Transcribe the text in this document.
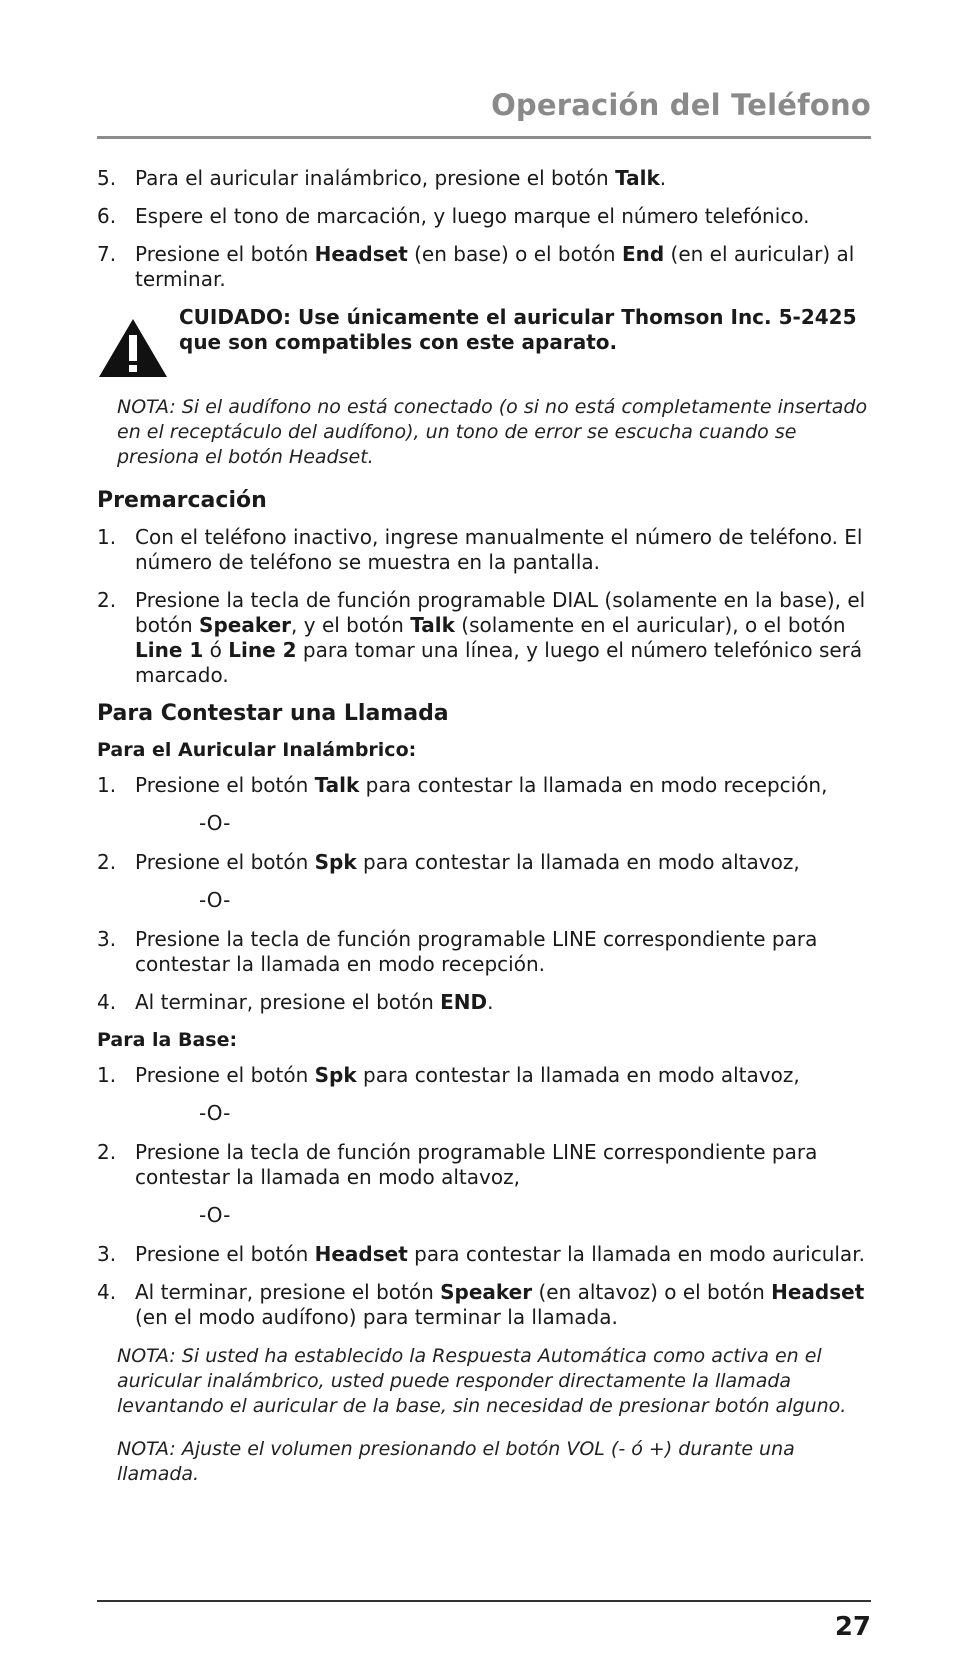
Operación del Teléfono
5. Para el auricular inalámbrico, presione el botón Talk.
6. Espere el tono de marcación, y luego marque el número telefónico.
7. Presione el botón Headset (en base) o el botón End (en el auricular) al terminar.
CUIDADO: Use únicamente el auricular Thomson Inc. 5-2425 que son compatibles con este aparato.
NOTA: Si el audífono no está conectado (o si no está completamente insertado en el receptáculo del audífono), un tono de error se escucha cuando se presiona el botón Headset.
Premarcación
1. Con el teléfono inactivo, ingrese manualmente el número de teléfono. El número de teléfono se muestra en la pantalla.
2. Presione la tecla de función programable DIAL (solamente en la base), el botón Speaker, y el botón Talk (solamente en el auricular), o el botón Line 1 ó Line 2 para tomar una línea, y luego el número telefónico será marcado.
Para Contestar una Llamada
Para el Auricular Inalámbrico:
1. Presione el botón Talk para contestar la llamada en modo recepción,
-O-
2. Presione el botón Spk para contestar la llamada en modo altavoz,
-O-
3. Presione la tecla de función programable LINE correspondiente para contestar la llamada en modo recepción.
4. Al terminar, presione el botón END.
Para la Base:
1. Presione el botón Spk para contestar la llamada en modo altavoz,
-O-
2. Presione la tecla de función programable LINE correspondiente para contestar la llamada en modo altavoz,
-O-
3. Presione el botón Headset para contestar la llamada en modo auricular.
4. Al terminar, presione el botón Speaker (en altavoz) o el botón Headset (en el modo audífono) para terminar la llamada.
NOTA: Si usted ha establecido la Respuesta Automática como activa en el auricular inalámbrico, usted puede responder directamente la llamada levantando el auricular de la base, sin necesidad de presionar botón alguno.
NOTA: Ajuste el volumen presionando el botón VOL (- ó +) durante una llamada.
27
